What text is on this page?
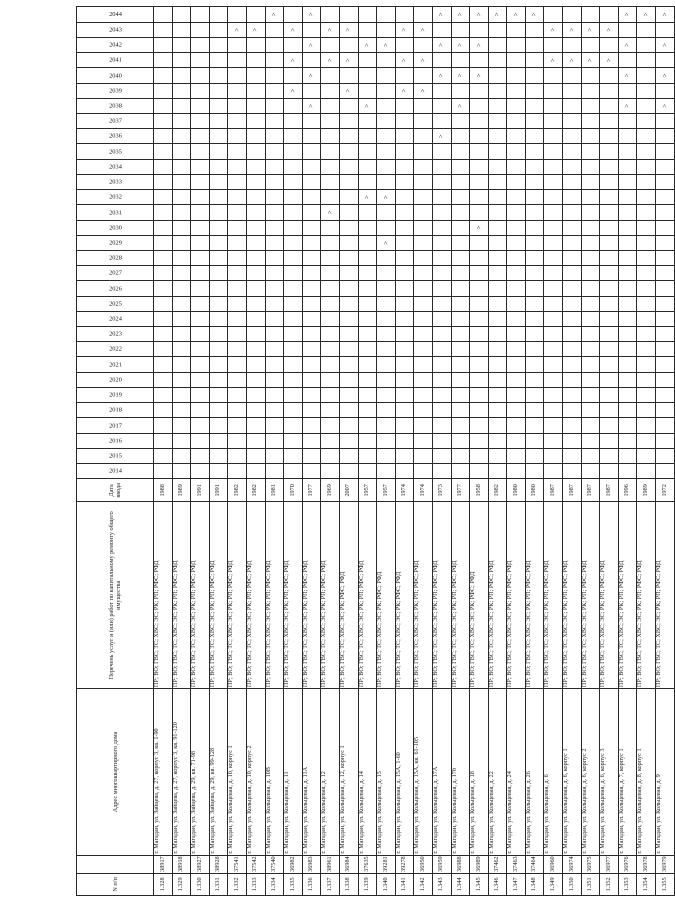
N п/п		Адрес многоквартирного дома	Перечень услуг и (или) работ по капитальному ремонту общего имущества	Дата ввода	2014	2015	2016	2017	2018	2019	2020	2021	2022	2023	2024	2025	2026	2027	2028	2029	2030	2031	2032	2033	2034	2035	2036	2037	2038	2039	2040	2041	2042	2043	2044

1.328	38917	г. Магадан, ул. Зайцева, д. 27, корпус 3, кв. 1-90	ПР; ВО; ГВС; ТС; ХВС; ЭС; РК; РП; РФС; РФД	1988																															
1.329	38918	г. Магадан, ул. Зайцева, д. 27, корпус 3, кв. 91-120	ПР; ВО; ГВС; ТС; ХВС; ЭС; РК; РП; РФС; РФД	1989																															
1.330	38927	г. Магадан, ул. Зайцева, д. 29, кв. 71-98	ПР; ВО; ГВС; ТС; ХВС; ЭС; РК; РП; РФС; РФД	1991																															
1.331	38928	г. Магадан, ул. Зайцева, д. 29, кв. 99-128	ПР; ВО; ГВС; ТС; ХВС; ЭС; РК; РП; РФС; РФД	1991																															
1.332	37541	г. Магадан, ул. Кольцевая, д. 10, корпус 1	ПР; ВО; ГВС; ТС; ХВС; ЭС; РК; РП; РФС; РФД	1982																														>	
1.333	37542	г. Магадан, ул. Кольцевая, д. 10, корпус 2	ПР; ВО; ГВС; ТС; ХВС; ЭС; РК; РП; РФС; РФД	1982																														>	
1.334	37540	г. Магадан, ул. Кольцевая, д. 10В	ПР; ВО; ГВС; ТС; ХВС; ЭС; РК; РП; РФС; РФД	1981																															>
1.335	36982	г. Магадан, ул. Кольцевая, д. 11	ПР; ВО; ГВС; ТС; ХВС; ЭС; РК; РП; РФС; РФД	1970																										>		>		>	
1.336	36983	г. Магадан, ул. Кольцевая, д. 11А	ПР; ВО; ГВС; ТС; ХВС; ЭС; РК; РП; РФС; РФД	1977																									>		>		>		>
1.337	38961	г. Магадан, ул. Кольцевая, д. 12	ПР; ВО; ГВС; ТС; ХВС; ЭС; РК; РП; РФС; РФД	1969																		>										>		>	
1.338	36984	г. Магадан, ул. Кольцевая, д. 12, корпус 1	ПР; ВО; ГВС; ТС; ХВС; ЭС; РК; РФС; РФД	2007																										>		>		>	
1.339	37635	г. Магадан, ул. Кольцевая, д. 14	ПР; ВО; ГВС; ТС; ХВС; ЭС; РК; РП; РФС; РФД	1957																			>						>				>		
1.340	39281	г. Магадан, ул. Кольцевая, д. 15	ПР; ВО; ГВС; ТС; ХВС; ЭС; РК; РФС; РФД	1957																>			>										>		
1.341	39278	г. Магадан, ул. Кольцевая, д. 15А, 1-60	ПР; ВО; ГВС; ТС; ХВС; ЭС; РК; РФС; РФД	1974																										>		>		>	
1.342	36950	г. Магадан, ул. Кольцевая, д. 15А, кв. 61-105	ПР; ВО; ГВС; ТС; ХВС; ЭС; РК; РП; РФС; РФД	1974																										>		>		>	
1.343	36959	г. Магадан, ул. Кольцевая, д. 17А	ПР; ВО; ГВС; ТС; ХВС; ЭС; РК; РП; РФС; РФД	1973																							>				>		>		>
1.344	36988	г. Магадан, ул. Кольцевая, д. 17б	ПР; ВО; ГВС; ТС; ХВС; ЭС; РК; РП; РФС; РФД	1977																									>		>		>		>
1.345	36989	г. Магадан, ул. Кольцевая, д. 18	ПР; ВО; ГВС; ТС; ХВС; ЭС; РК; РФС; РФД	1958																	>										>		>		>
1.346	37462	г. Магадан, ул. Кольцевая, д. 22	ПР; ВО; ГВС; ТС; ХВС; ЭС; РК; РП; РФС; РФД	1982																															>
1.347	37463	г. Магадан, ул. Кольцевая, д. 24	ПР; ВО; ГВС; ТС; ХВС; ЭС; РК; РП; РФС; РФД	1980																															>
1.348	37464	г. Магадан, ул. Кольцевая, д. 26	ПР; ВО; ГВС; ТС; ХВС; ЭС; РК; РП; РФС; РФД	1980																															>
1.349	36960	г. Магадан, ул. Кольцевая, д. 6	ПР; ВО; ГВС; ТС; ХВС; ЭС; РК; РП; РФС; РФД	1987																												>		>	
1.350	36974	г. Магадан, ул. Кольцевая, д. 6, корпус 1	ПР; ВО; ГВС; ТС; ХВС; ЭС; РК; РП; РФС; РФД	1987																												>		>	
1.351	36975	г. Магадан, ул. Кольцевая, д. 6, корпус 2	ПР; ВО; ГВС; ТС; ХВС; ЭС; РК; РП; РФС; РФД	1987																												>		>	
1.352	36977	г. Магадан, ул. Кольцевая, д. 6, корпус 3	ПР; ВО; ГВС; ТС; ХВС; ЭС; РК; РП; РФС; РФД	1987																												>		>	
1.353	36976	г. Магадан, ул. Кольцевая, д. 7, корпус 1	ПР; ВО; ГВС; ТС; ХВС; ЭС; РК; РП; РФС; РФД	1996																									>		>		>		>
1.354	36978	г. Магадан, ул. Кольцевая, д. 8, корпус 1	ПР; ВО; ГВС; ТС; ХВС; ЭС; РК; РП; РФС; РФД	1989																															>
1.355	36979	г. Магадан, ул. Кольцевая, д. 9	ПР; ВО; ГВС; ТС; ХВС; ЭС; РК; РП; РФС; РФД	1972																									>		>		>		>
